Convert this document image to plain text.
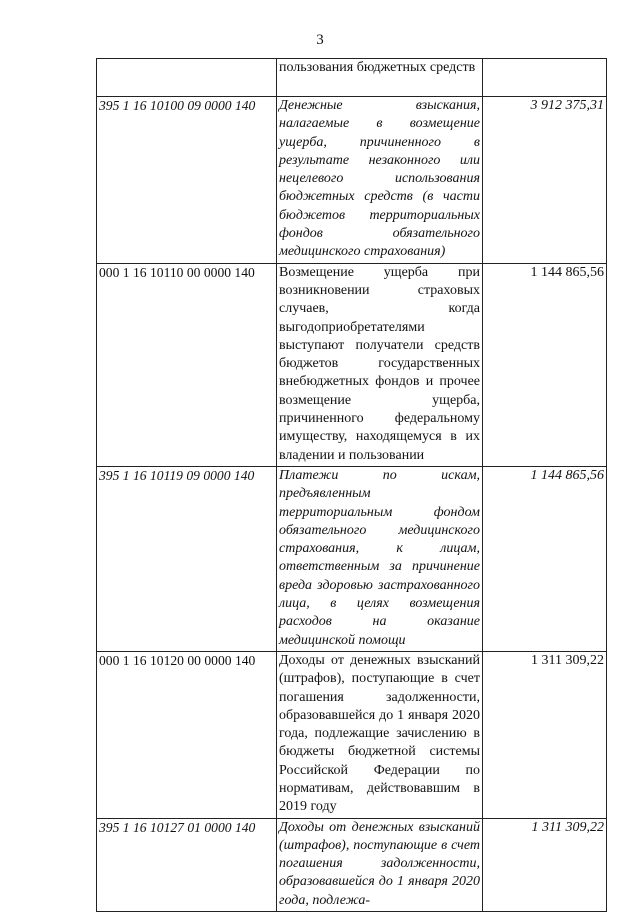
3
	пользования бюджетных средств	
395 1 16 10100 09 0000 140	Денежные взыскания, налагаемые в возмещение ущерба, причиненного в результате незаконного или нецелевого использования бюджетных средств (в части бюджетов территориальных фондов обязательного медицинского страхования)	3 912 375,31
000 1 16 10110 00 0000 140	Возмещение ущерба при возникновении страховых случаев, когда выгодоприобретателями выступают получатели средств бюджетов государственных внебюджетных фондов и прочее возмещение ущерба, причиненного федеральному имуществу, находящемуся в их владении и пользовании	1 144 865,56
395 1 16 10119 09 0000 140	Платежи по искам, предъявленным территориальным фондом обязательного медицинского страхования, к лицам, ответственным за причинение вреда здоровью застрахованного лица, в целях возмещения расходов на оказание медицинской помощи	1 144 865,56
000 1 16 10120 00 0000 140	Доходы от денежных взысканий (штрафов), поступающие в счет погашения задолженности, образовавшейся до 1 января 2020 года, подлежащие зачислению в бюджеты бюджетной системы Российской Федерации по нормативам, действовавшим в 2019 году	1 311 309,22
395 1 16 10127 01 0000 140	Доходы от денежных взысканий (штрафов), поступающие в счет погашения задолженности, образовавшейся до 1 января 2020 года, подлежа-	1 311 309,22
